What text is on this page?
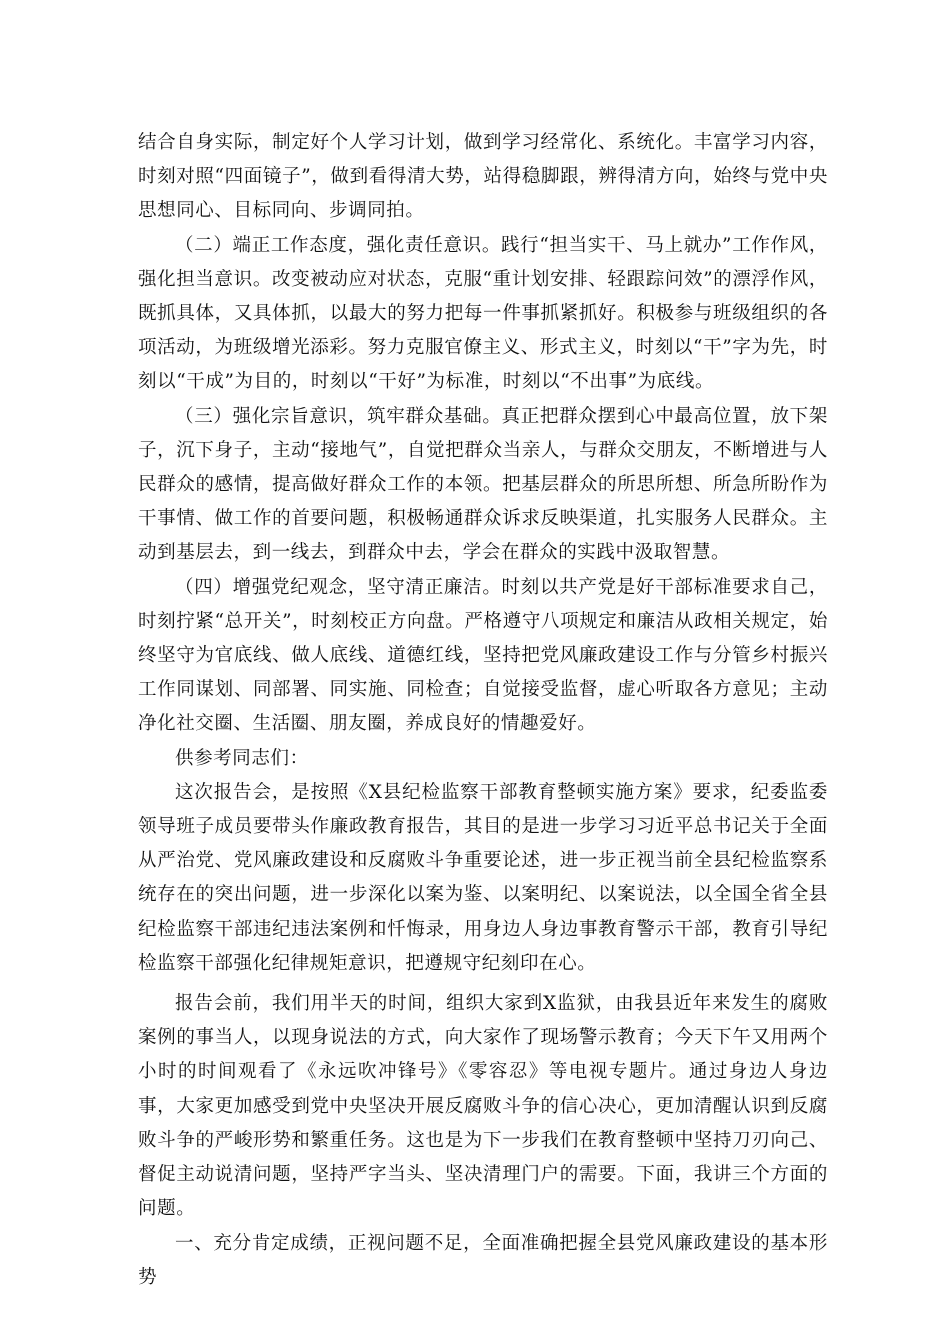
结合自身实际，制定好个人学习计划，做到学习经常化、系统化。丰富学习内容，时刻对照“四面镜子”，做到看得清大势，站得稳脚跟，辨得清方向，始终与党中央思想同心、目标同向、步调同拍。

（二）端正工作态度，强化责任意识。践行“担当实干、马上就办”工作作风，强化担当意识。改变被动应对状态，克服“重计划安排、轻跟踪问效”的漂浮作风，既抓具体，又具体抓，以最大的努力把每一件事抓紧抓好。积极参与班级组织的各项活动，为班级增光添彩。努力克服官僚主义、形式主义，时刻以“干”字为先，时刻以“干成”为目的，时刻以“干好”为标准，时刻以“不出事”为底线。

（三）强化宗旨意识，筑牢群众基础。真正把群众摆到心中最高位置，放下架子，沉下身子，主动“接地气”，自觉把群众当亲人，与群众交朋友，不断增进与人民群众的感情，提高做好群众工作的本领。把基层群众的所思所想、所急所盼作为干事情、做工作的首要问题，积极畅通群众诉求反映渠道，扎实服务人民群众。主动到基层去，到一线去，到群众中去，学会在群众的实践中汲取智慧。

（四）增强党纪观念，坚守清正廉洁。时刻以共产党是好干部标准要求自己，时刻拧紧“总开关”，时刻校正方向盘。严格遵守八项规定和廉洁从政相关规定，始终坚守为官底线、做人底线、道德红线，坚持把党风廉政建设工作与分管乡村振兴工作同谋划、同部署、同实施、同检查；自觉接受监督，虚心听取各方意见；主动净化社交圈、生活圈、朋友圈，养成良好的情趣爱好。

供参考同志们：

这次报告会，是按照《X县纪检监察干部教育整顿实施方案》要求，纪委监委领导班子成员要带头作廉政教育报告，其目的是进一步学习习近平总书记关于全面从严治党、党风廉政建设和反腐败斗争重要论述，进一步正视当前全县纪检监察系统存在的突出问题，进一步深化以案为鉴、以案明纪、以案说法，以全国全省全县纪检监察干部违纪违法案例和忏悔录，用身边人身边事教育警示干部，教育引导纪检监察干部强化纪律规矩意识，把遵规守纪刻印在心。

报告会前，我们用半天的时间，组织大家到X监狱，由我县近年来发生的腐败案例的事当人，以现身说法的方式，向大家作了现场警示教育；今天下午又用两个小时的时间观看了《永远吹冲锋号》《零容忍》等电视专题片。通过身边人身边事，大家更加感受到党中央坚决开展反腐败斗争的信心决心，更加清醒认识到反腐败斗争的严峻形势和繁重任务。这也是为下一步我们在教育整顿中坚持刀刃向己、督促主动说清问题，坚持严字当头、坚决清理门户的需要。下面，我讲三个方面的问题。

一、充分肯定成绩，正视问题不足，全面准确把握全县党风廉政建设的基本形势
